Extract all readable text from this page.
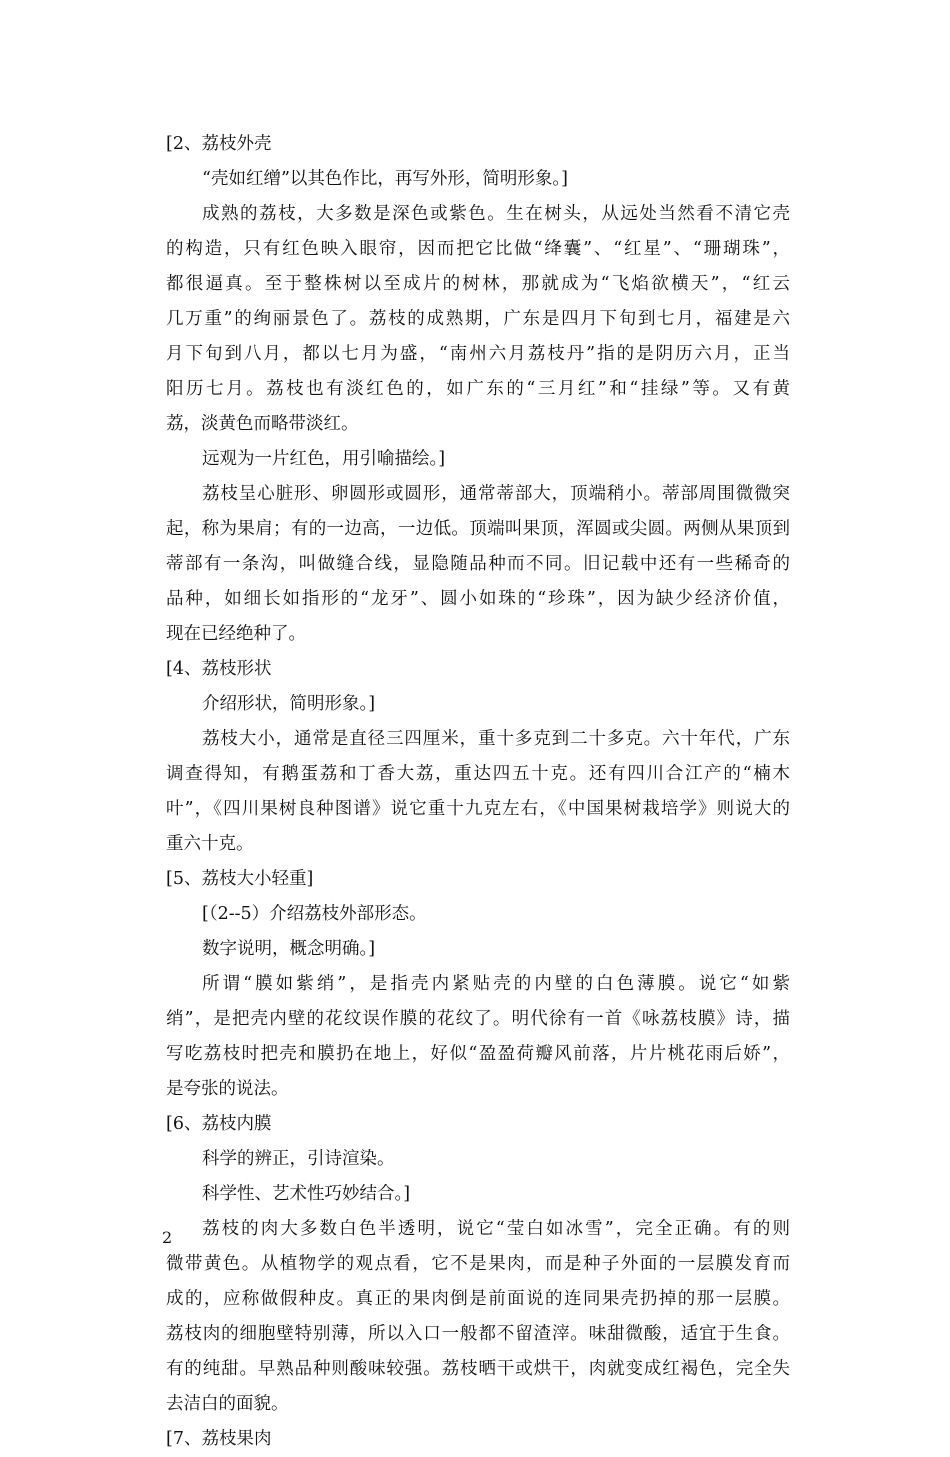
[2、荔枝外壳
“壳如红缯”以其色作比，再写外形，简明形象。]
成熟的荔枝，大多数是深色或紫色。生在树头，从远处当然看不清它壳
的构造，只有红色映入眼帘，因而把它比做“绛囊”、“红星”、“珊瑚珠”，
都很逼真。至于整株树以至成片的树林，那就成为“飞焰欲横天”，“红云
几万重”的绚丽景色了。荔枝的成熟期，广东是四月下旬到七月，福建是六
月下旬到八月，都以七月为盛，“南州六月荔枝丹”指的是阴历六月，正当
阳历七月。荔枝也有淡红色的，如广东的“三月红”和“挂绿”等。又有黄
荔，淡黄色而略带淡红。
远观为一片红色，用引喻描绘。]
荔枝呈心脏形、卵圆形或圆形，通常蒂部大，顶端稍小。蒂部周围微微突
起，称为果肩；有的一边高，一边低。顶端叫果顶，浑圆或尖圆。两侧从果顶到
蒂部有一条沟，叫做缝合线，显隐随品种而不同。旧记载中还有一些稀奇的
品种，如细长如指形的“龙牙”、圆小如珠的“珍珠”，因为缺少经济价值，
现在已经绝种了。
[4、荔枝形状
介绍形状，简明形象。]
荔枝大小，通常是直径三四厘米，重十多克到二十多克。六十年代，广东
调查得知，有鹅蛋荔和丁香大荔，重达四五十克。还有四川合江产的“楠木
叶”，《四川果树良种图谱》说它重十九克左右，《中国果树栽培学》则说大的
重六十克。
[5、荔枝大小轻重]
[（2--5）介绍荔枝外部形态。
数字说明，概念明确。]
所谓“膜如紫绡”，是指壳内紧贴壳的内壁的白色薄膜。说它“如紫
绡”，是把壳内壁的花纹误作膜的花纹了。明代徐有一首《咏荔枝膜》诗，描
写吃荔枝时把壳和膜扔在地上，好似“盈盈荷瓣风前落，片片桃花雨后娇”，
是夸张的说法。
[6、荔枝内膜
科学的辨正，引诗渲染。
科学性、艺术性巧妙结合。]
荔枝的肉大多数白色半透明，说它“莹白如冰雪”，完全正确。有的则
微带黄色。从植物学的观点看，它不是果肉，而是种子外面的一层膜发育而
成的，应称做假种皮。真正的果肉倒是前面说的连同果壳扔掉的那一层膜。
荔枝肉的细胞壁特别薄，所以入口一般都不留渣滓。味甜微酸，适宜于生食。
有的纯甜。早熟品种则酸味较强。荔枝晒干或烘干，肉就变成红褐色，完全失
去洁白的面貌。
[7、荔枝果肉
2
